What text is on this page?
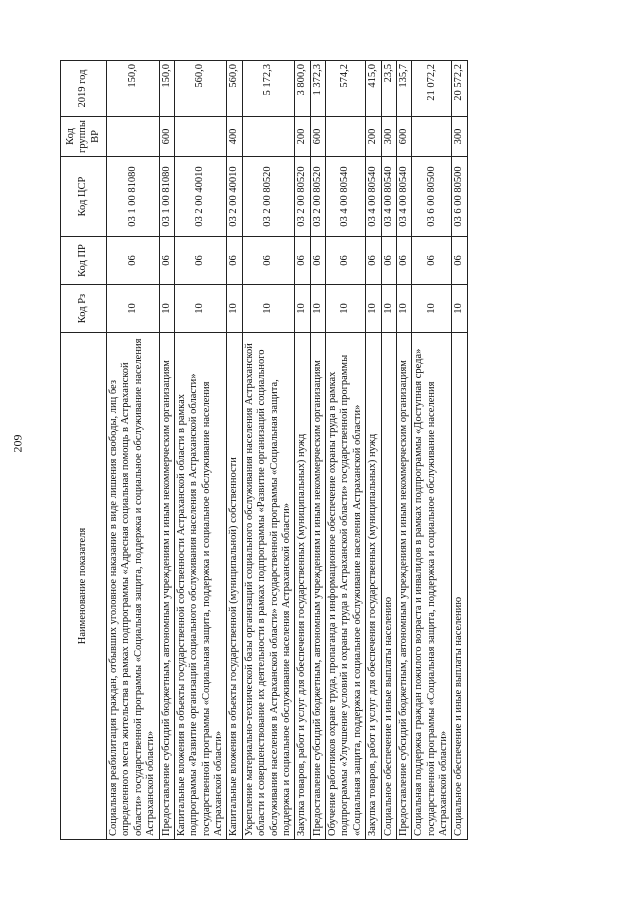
209
Наименование показателя	Код Рз	Код ПР	Код ЦСР	Код группы ВР	2019 год
Социальная реабилитация граждан, отбывших уголовное наказание в виде лишения свободы, лиц без определенного места жительства в рамках подпрограммы «Адресная социальная помощь в Астраханской области» государственной программы «Социальная защита, поддержка и социальное обслуживание населения Астраханской области»	10	06	03 1 00 81080		150,0
Предоставление субсидий бюджетным, автономным учреждениям и иным некоммерческим организациям	10	06	03 1 00 81080	600	150,0
Капитальные вложения в объекты государственной собственности Астраханской области в рамках подпрограммы «Развитие организаций социального обслуживания населения в Астраханской области» государственной программы «Социальная защита, поддержка и социальное обслуживание населения Астраханской области»	10	06	03 2 00 40010		560,0
Капитальные вложения в объекты государственной (муниципальной) собственности	10	06	03 2 00 40010	400	560,0
Укрепление материально-технической базы организаций социального обслуживания населения Астраханской области и совершенствование их деятельности в рамках подпрограммы «Развитие организаций социального обслуживания населения в Астраханской области» государственной программы «Социальная защита, поддержка и социальное обслуживание населения Астраханской области»	10	06	03 2 00 80520		5 172,3
Закупка товаров, работ и услуг для обеспечения государственных (муниципальных) нужд	10	06	03 2 00 80520	200	3 800,0
Предоставление субсидий бюджетным, автономным учреждениям и иным некоммерческим организациям	10	06	03 2 00 80520	600	1 372,3
Обучение работников охране труда, пропаганда и информационное обеспечение охраны труда в рамках подпрограммы «Улучшение условий и охраны труда в Астраханской области» государственной программы «Социальная защита, поддержка и социальное обслуживание населения Астраханской области»	10	06	03 4 00 80540		574,2
Закупка товаров, работ и услуг для обеспечения государственных (муниципальных) нужд	10	06	03 4 00 80540	200	415,0
Социальное обеспечение и иные выплаты населению	10	06	03 4 00 80540	300	23,5
Предоставление субсидий бюджетным, автономным учреждениям и иным некоммерческим организациям	10	06	03 4 00 80540	600	135,7
Социальная поддержка граждан пожилого возраста и инвалидов в рамках подпрограммы «Доступная среда» государственной программы «Социальная защита, поддержка и социальное обслуживание населения Астраханской области»	10	06	03 6 00 80500		21 072,2
Социальное обеспечение и иные выплаты населению	10	06	03 6 00 80500	300	20 572,2
